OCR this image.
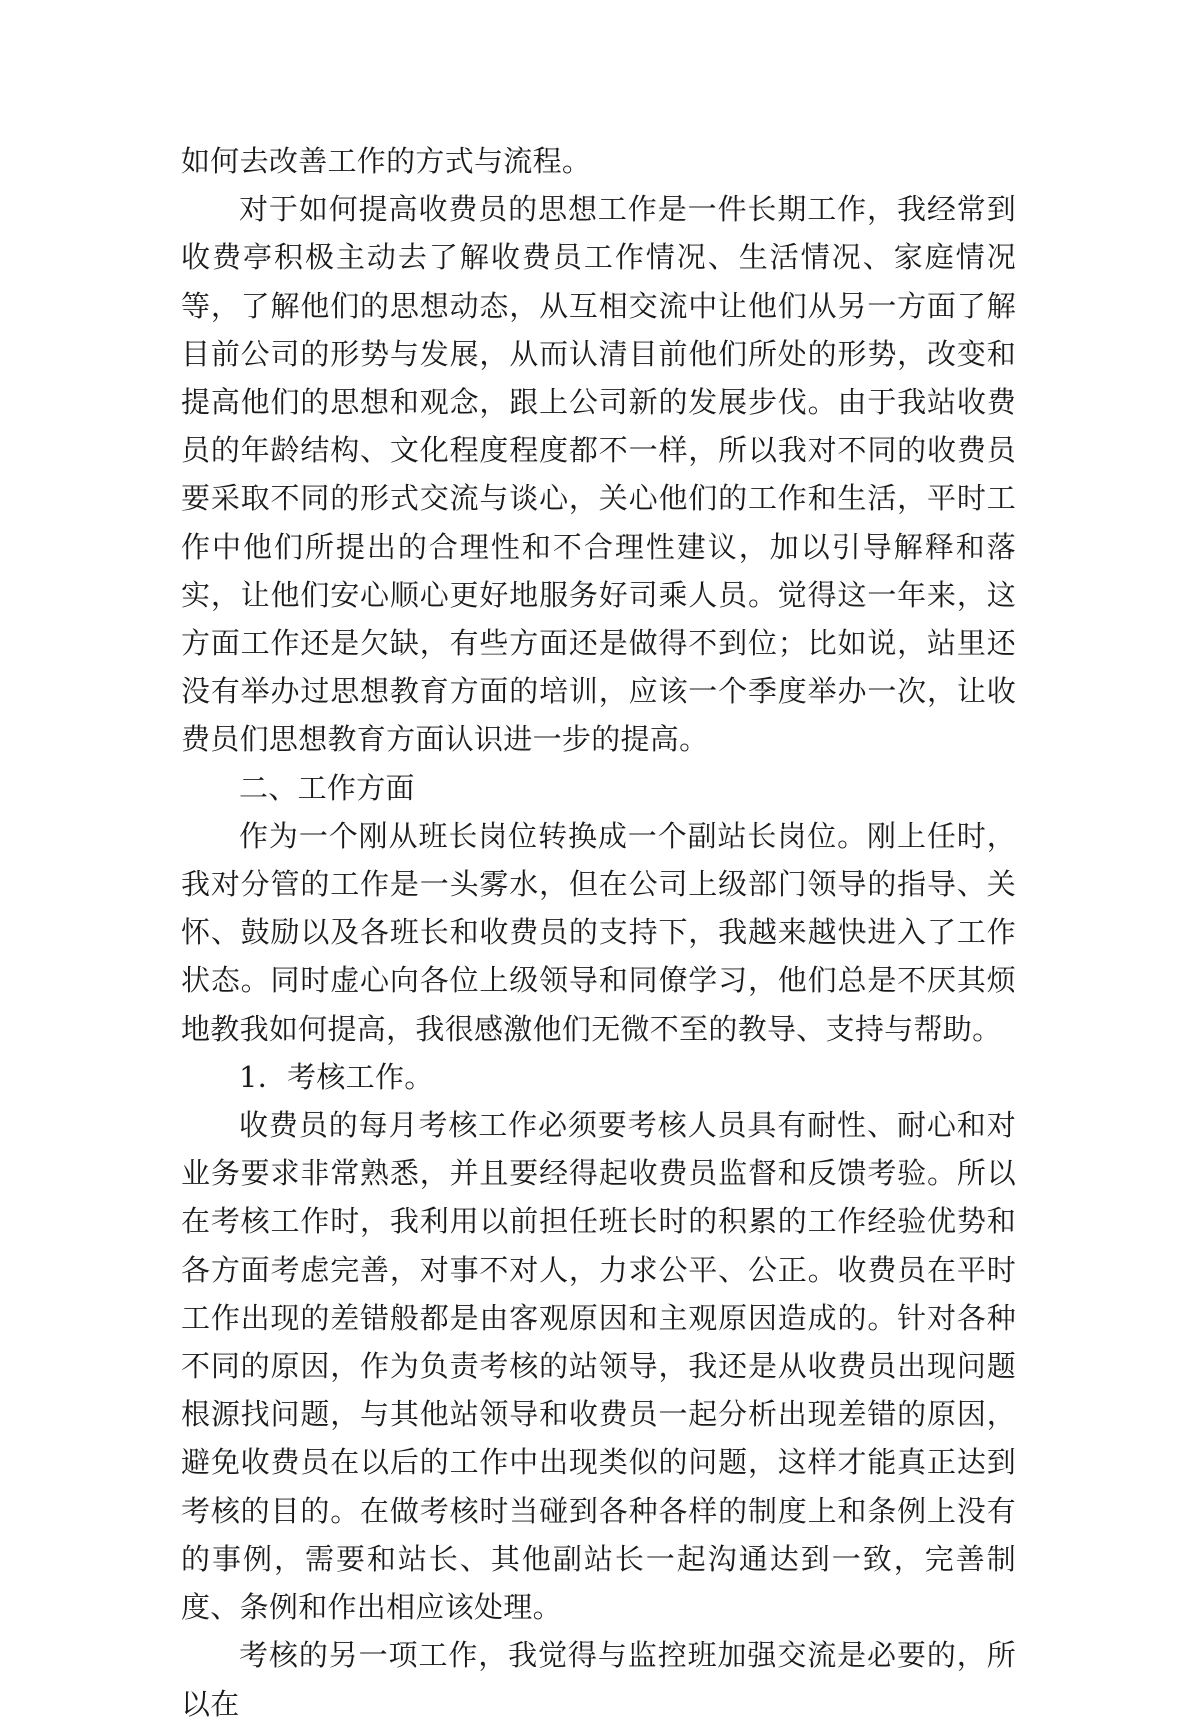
如何去改善工作的方式与流程。

对于如何提高收费员的思想工作是一件长期工作，我经常到收费亭积极主动去了解收费员工作情况、生活情况、家庭情况等，了解他们的思想动态，从互相交流中让他们从另一方面了解目前公司的形势与发展，从而认清目前他们所处的形势，改变和提高他们的思想和观念，跟上公司新的发展步伐。由于我站收费员的年龄结构、文化程度程度都不一样，所以我对不同的收费员要采取不同的形式交流与谈心，关心他们的工作和生活，平时工作中他们所提出的合理性和不合理性建议，加以引导解释和落实，让他们安心顺心更好地服务好司乘人员。觉得这一年来，这方面工作还是欠缺，有些方面还是做得不到位；比如说，站里还没有举办过思想教育方面的培训，应该一个季度举办一次，让收费员们思想教育方面认识进一步的提高。

二、工作方面

作为一个刚从班长岗位转换成一个副站长岗位。刚上任时，我对分管的工作是一头雾水，但在公司上级部门领导的指导、关怀、鼓励以及各班长和收费员的支持下，我越来越快进入了工作状态。同时虚心向各位上级领导和同僚学习，他们总是不厌其烦地教我如何提高，我很感激他们无微不至的教导、支持与帮助。

1．考核工作。

收费员的每月考核工作必须要考核人员具有耐性、耐心和对业务要求非常熟悉，并且要经得起收费员监督和反馈考验。所以在考核工作时，我利用以前担任班长时的积累的工作经验优势和各方面考虑完善，对事不对人，力求公平、公正。收费员在平时工作出现的差错般都是由客观原因和主观原因造成的。针对各种不同的原因，作为负责考核的站领导，我还是从收费员出现问题根源找问题，与其他站领导和收费员一起分析出现差错的原因，避免收费员在以后的工作中出现类似的问题，这样才能真正达到考核的目的。在做考核时当碰到各种各样的制度上和条例上没有的事例，需要和站长、其他副站长一起沟通达到一致，完善制度、条例和作出相应该处理。

考核的另一项工作，我觉得与监控班加强交流是必要的，所以在
